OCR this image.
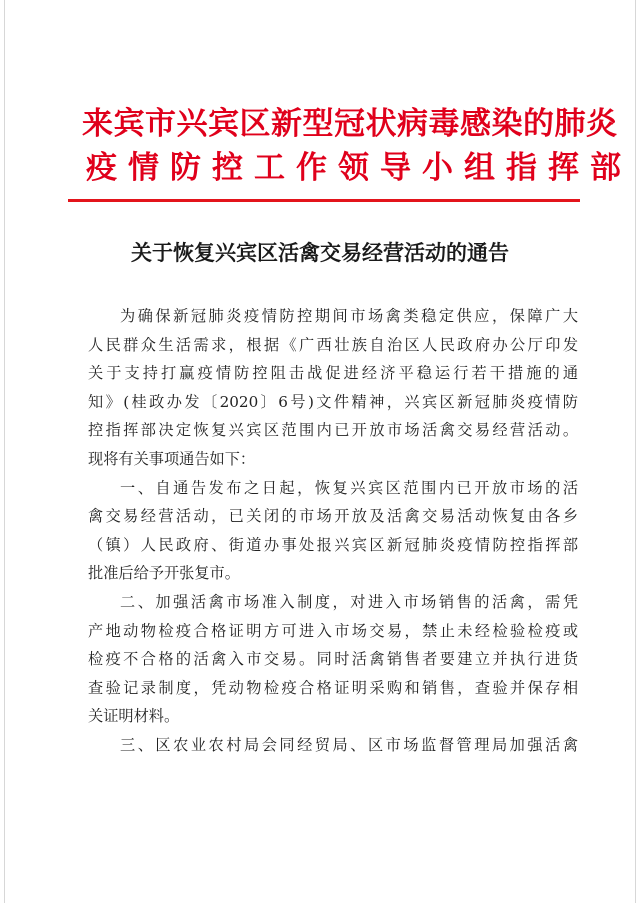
来宾市兴宾区新型冠状病毒感染的肺炎
疫情防控工作领导小组指挥部
关于恢复兴宾区活禽交易经营活动的通告
为确保新冠肺炎疫情防控期间市场禽类稳定供应，保障广大
人民群众生活需求，根据《广西壮族自治区人民政府办公厅印发
关于支持打赢疫情防控阻击战促进经济平稳运行若干措施的通
知》(桂政办发〔2020〕6号)文件精神，兴宾区新冠肺炎疫情防
控指挥部决定恢复兴宾区范围内已开放市场活禽交易经营活动。
现将有关事项通告如下：
一、自通告发布之日起，恢复兴宾区范围内已开放市场的活
禽交易经营活动，已关闭的市场开放及活禽交易活动恢复由各乡
（镇）人民政府、街道办事处报兴宾区新冠肺炎疫情防控指挥部
批准后给予开张复市。
二、加强活禽市场准入制度，对进入市场销售的活禽，需凭
产地动物检疫合格证明方可进入市场交易，禁止未经检验检疫或
检疫不合格的活禽入市交易。同时活禽销售者要建立并执行进货
查验记录制度，凭动物检疫合格证明采购和销售，查验并保存相
关证明材料。
三、区农业农村局会同经贸局、区市场监督管理局加强活禽
